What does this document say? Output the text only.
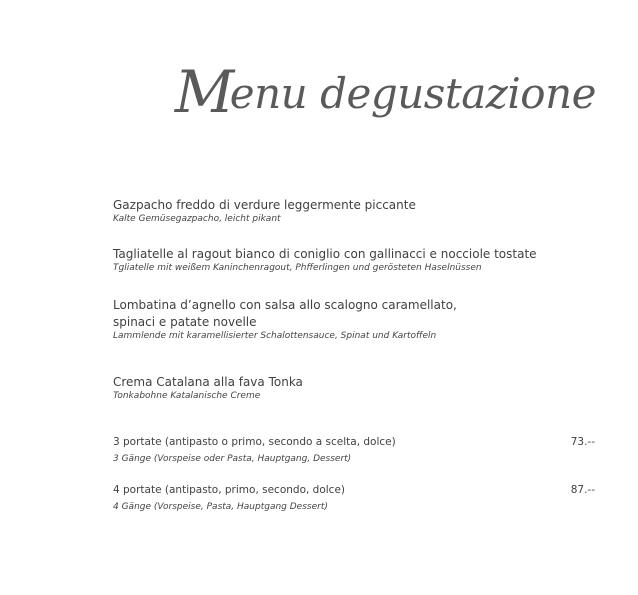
Menu degustazione
Gazpacho freddo di verdure leggermente piccante
Kalte Gemüsegazpacho, leicht pikant
Tagliatelle al ragout bianco di coniglio con gallinacci e nocciole tostate
Tgliatelle mit weißem Kaninchenragout, Phfferlingen und gerösteten Haselnüssen
Lombatina d’agnello con salsa allo scalogno caramellato,
spinaci e patate novelle
Lammlende mit karamellisierter Schalottensauce, Spinat und Kartoffeln
Crema Catalana alla fava Tonka
Tonkabohne Katalanische Creme
3 portate (antipasto o primo, secondo a scelta, dolce)	73.--
3 Gänge (Vorspeise oder Pasta, Hauptgang, Dessert)
4 portate (antipasto, primo, secondo, dolce)	87.--
4 Gänge (Vorspeise, Pasta, Hauptgang Dessert)
